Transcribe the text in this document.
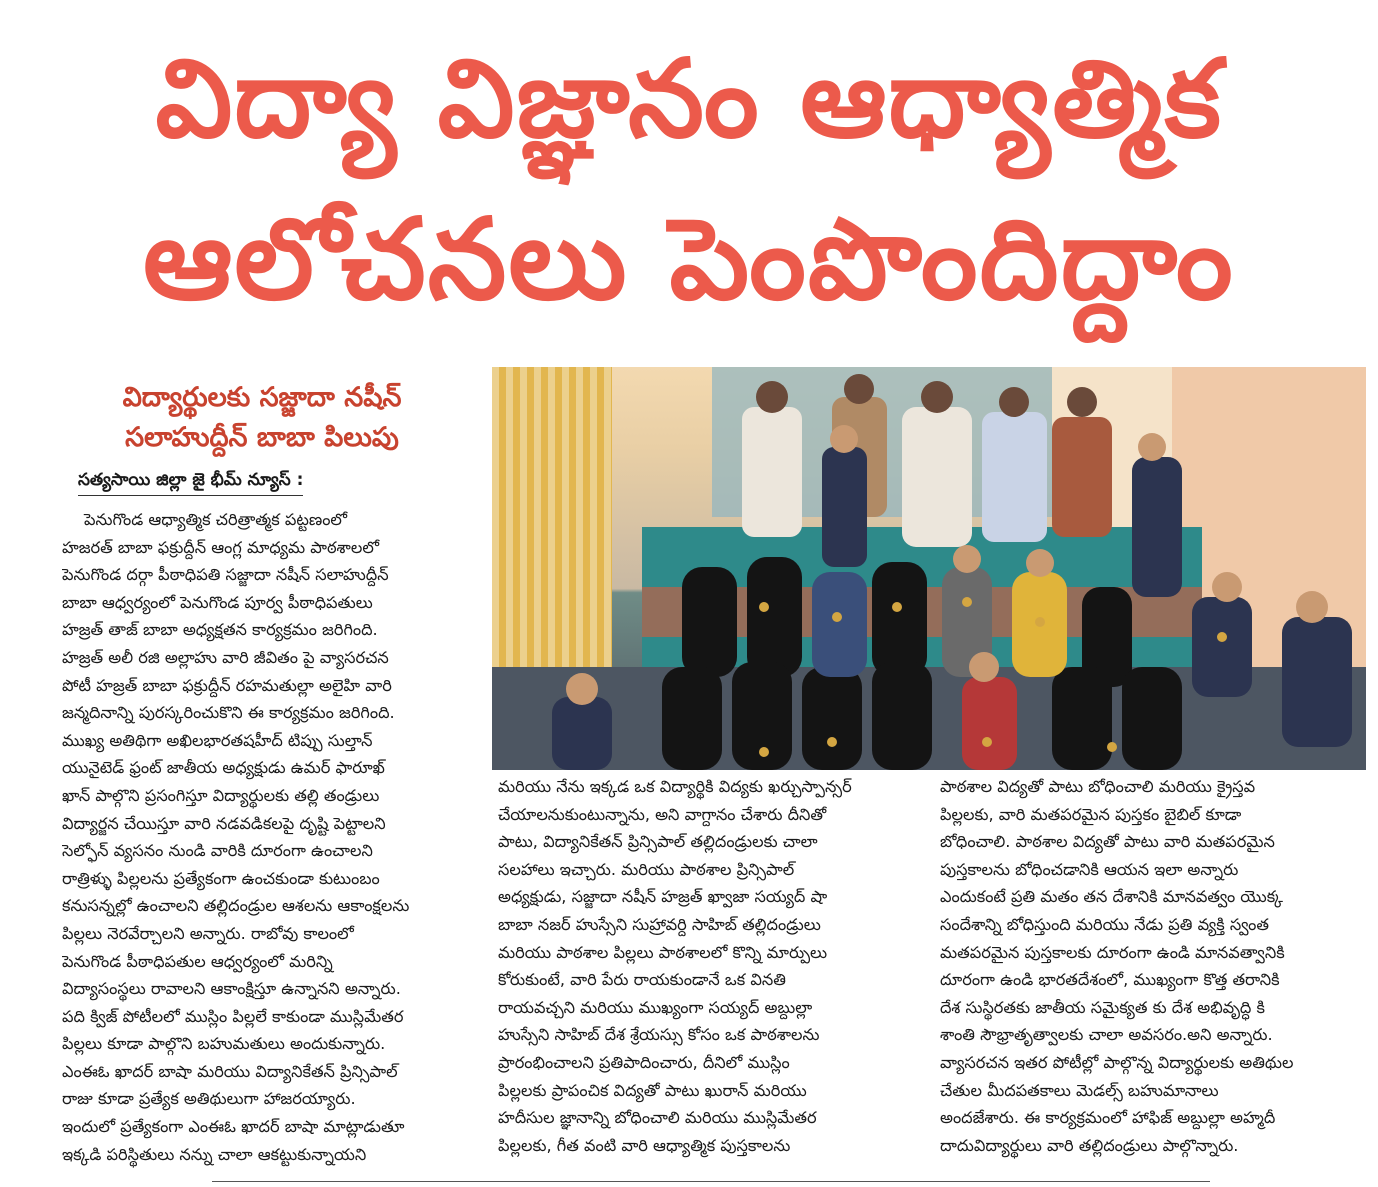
విద్యా విజ్ఞానం ఆధ్యాత్మిక
ఆలోచనలు పెంపొందిద్దాం
విద్యార్థులకు సజ్జాదా నషీన్
సలాహుద్దీన్ బాబా పిలుపు
సత్యసాయి జిల్లా జై భీమ్ న్యూస్ :

పెనుగొండ ఆధ్యాత్మిక చరిత్రాత్మక పట్టణంలో

హజరత్ బాబా ఫక్రుద్దీన్ ఆంగ్ల మాధ్యమ పాఠశాలలో

పెనుగొండ దర్గా పీఠాధిపతి సజ్జాదా నషీన్ సలాహుద్దీన్

బాబా ఆధ్వర్యంలో పెనుగొండ పూర్వ పీఠాధిపతులు

హజ్రత్ తాజ్ బాబా అధ్యక్షతన కార్యక్రమం జరిగింది.

హజ్రత్ అలీ రజి అల్లాహు వారి జీవితం పై వ్యాసరచన

పోటీ హజ్రత్ బాబా ఫక్రుద్దీన్ రహమతుల్లా అలైహి వారి

జన్మదినాన్ని పురస్కరించుకొని ఈ కార్యక్రమం జరిగింది.

ముఖ్య అతిథిగా అఖిలభారతషహీద్ టిప్పు సుల్తాన్

యునైటెడ్ ఫ్రంట్ జాతీయ అధ్యక్షుడు ఉమర్ ఫారూఖ్

ఖాన్ పాల్గొని ప్రసంగిస్తూ విద్యార్థులకు తల్లి తండ్రులు

విద్యార్జన చేయిస్తూ వారి నడవడికలపై దృష్టి పెట్టాలని

సెల్ఫోన్ వ్యసనం నుండి వారికి దూరంగా ఉంచాలని

రాత్రిళ్ళు పిల్లలను ప్రత్యేకంగా ఉంచకుండా కుటుంబం

కనుసన్నల్లో ఉంచాలని తల్లిదండ్రుల ఆశలను ఆకాంక్షలను

పిల్లలు నెరవేర్చాలని అన్నారు. రాబోవు కాలంలో

పెనుగొండ పీఠాధిపతుల ఆధ్వర్యంలో మరిన్ని

విద్యాసంస్థలు రావాలని ఆకాంక్షిస్తూ ఉన్నానని అన్నారు.

పది క్విజ్ పోటీలలో ముస్లిం పిల్లలే కాకుండా ముస్లిమేతర

పిల్లలు కూడా పాల్గొని బహుమతులు అందుకున్నారు.

ఎంఈఓ ఖాదర్ బాషా మరియు విద్యానికేతన్ ప్రిన్సిపాల్

రాజు కూడా ప్రత్యేక అతిథులుగా హాజరయ్యారు.

ఇందులో ప్రత్యేకంగా ఎంఈఓ ఖాదర్ బాషా మాట్లాడుతూ

ఇక్కడి పరిస్థితులు నన్ను చాలా ఆకట్టుకున్నాయని

మరియు నేను ఇక్కడ ఒక విద్యార్థికి విద్యకు ఖర్చుస్పాన్సర్

చేయాలనుకుంటున్నాను, అని వాగ్దానం చేశారు దీనితో

పాటు, విద్యానికేతన్ ప్రిన్సిపాల్ తల్లిదండ్రులకు చాలా

సలహాలు ఇచ్చారు. మరియు పాఠశాల ప్రిన్సిపాల్

అధ్యక్షుడు, సజ్జాదా నషీన్ హజ్రత్ ఖ్వాజా సయ్యద్ షా

బాబా నజర్ హుస్సేని సుహ్రావర్ది సాహిబ్ తల్లిదండ్రులు

మరియు పాఠశాల పిల్లలు పాఠశాలలో కొన్ని మార్పులు

కోరుకుంటే, వారి పేరు రాయకుండానే ఒక వినతి

రాయవచ్చని మరియు ముఖ్యంగా సయ్యద్ అబ్దుల్లా

హుస్సేని సాహిబ్ దేశ శ్రేయస్సు కోసం ఒక పాఠశాలను

ప్రారంభించాలని ప్రతిపాదించారు, దీనిలో ముస్లిం

పిల్లలకు ప్రాపంచిక విద్యతో పాటు ఖురాన్ మరియు

హదీసుల జ్ఞానాన్ని బోధించాలి మరియు ముస్లిమేతర

పిల్లలకు, గీత వంటి వారి ఆధ్యాత్మిక పుస్తకాలను

పాఠశాల విద్యతో పాటు బోధించాలి మరియు క్రైస్తవ

పిల్లలకు, వారి మతపరమైన పుస్తకం బైబిల్ కూడా

బోధించాలి. పాఠశాల విద్యతో పాటు వారి మతపరమైన

పుస్తకాలను బోధించడానికి ఆయన ఇలా అన్నారు

ఎందుకంటే ప్రతి మతం తన దేశానికి మానవత్వం యొక్క

సందేశాన్ని బోధిస్తుంది మరియు నేడు ప్రతి వ్యక్తి స్వంత

మతపరమైన పుస్తకాలకు దూరంగా ఉండి మానవత్వానికి

దూరంగా ఉండి భారతదేశంలో, ముఖ్యంగా కొత్త తరానికి

దేశ సుస్థిరతకు జాతీయ సమైక్యత కు దేశ అభివృద్ధి కి

శాంతి సౌభ్రాతృత్వాలకు చాలా అవసరం.అని అన్నారు.

వ్యాసరచన ఇతర పోటీల్లో పాల్గొన్న విద్యార్థులకు అతిథుల

చేతుల మీదపతకాలు మెడల్స్ బహుమానాలు

అందజేశారు. ఈ కార్యక్రమంలో హాఫిజ్ అబ్దుల్లా అహ్మదీ

దాదువిద్యార్థులు వారి తల్లిదండ్రులు పాల్గొన్నారు.
